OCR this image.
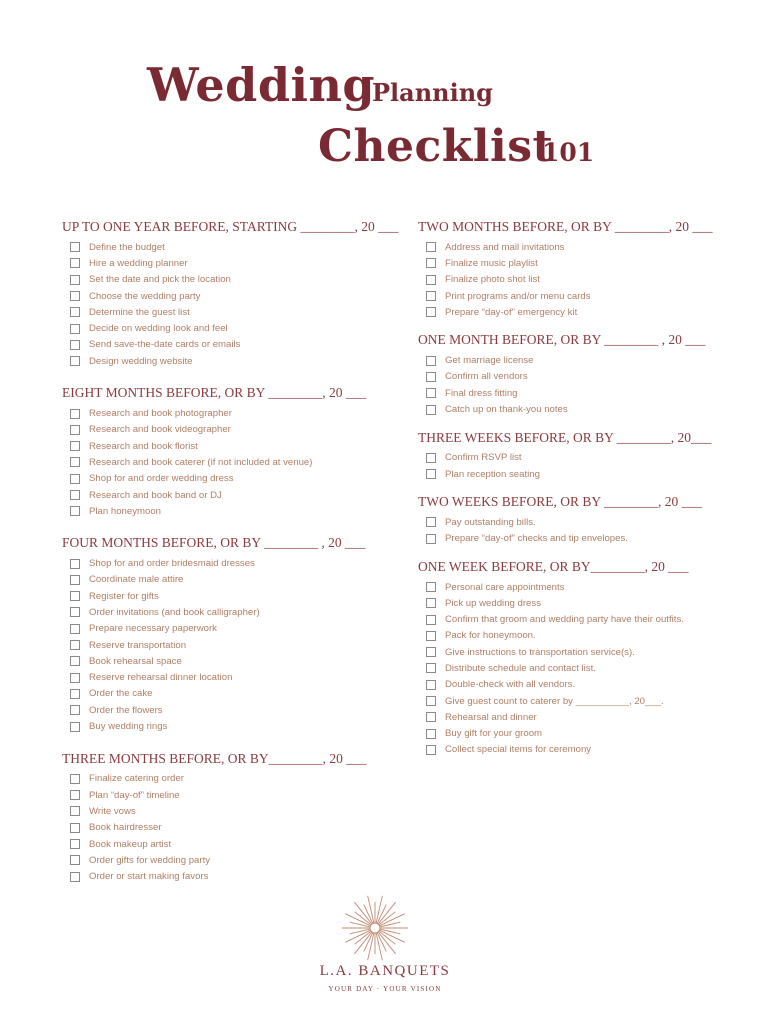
Wedding
Planning
Checklist
101
UP TO ONE YEAR BEFORE, STARTING ________, 20 ___
Define the budget
Hire a wedding planner
Set the date and pick the location
Choose the wedding party
Determine the guest list
Decide on wedding look and feel
Send save-the-date cards or emails
Design wedding website
EIGHT MONTHS BEFORE, OR BY ________, 20 ___
Research and book photographer
Research and book videographer
Research and book florist
Research and book caterer (if not included at venue)
Shop for and order wedding dress
Research and book band or DJ
Plan honeymoon
FOUR MONTHS BEFORE, OR BY ________ , 20 ___
Shop for and order bridesmaid dresses
Coordinate male attire
Register for gifts
Order invitations (and book calligrapher)
Prepare necessary paperwork
Reserve transportation
Book rehearsal space
Reserve rehearsal dinner location
Order the cake
Order the flowers
Buy wedding rings
THREE MONTHS BEFORE, OR BY________, 20 ___
Finalize catering order
Plan “day-of” timeline
Write vows
Book hairdresser
Book makeup artist
Order gifts for wedding party
Order or start making favors
TWO MONTHS BEFORE, OR BY ________, 20 ___
Address and mail invitations
Finalize music playlist
Finalize photo shot list
Print programs and/or menu cards
Prepare “day-of” emergency kit
ONE MONTH BEFORE, OR BY ________ , 20 ___
Get marriage license
Confirm all vendors
Final dress fitting
Catch up on thank-you notes
THREE WEEKS BEFORE, OR BY ________, 20___
Confirm RSVP list
Plan reception seating
TWO WEEKS BEFORE, OR BY ________, 20 ___
Pay outstanding bills.
Prepare “day-of” checks and tip envelopes.
ONE WEEK BEFORE, OR BY________, 20 ___
Personal care appointments
Pick up wedding dress
Confirm that groom and wedding party have their outfits.
Pack for honeymoon.
Give instructions to transportation service(s).
Distribute schedule and contact list.
Double-check with all vendors.
Give guest count to caterer by __________, 20___.
Rehearsal and dinner
Buy gift for your groom
Collect special items for ceremony
L.A. BANQUETS
YOUR DAY · YOUR VISION
